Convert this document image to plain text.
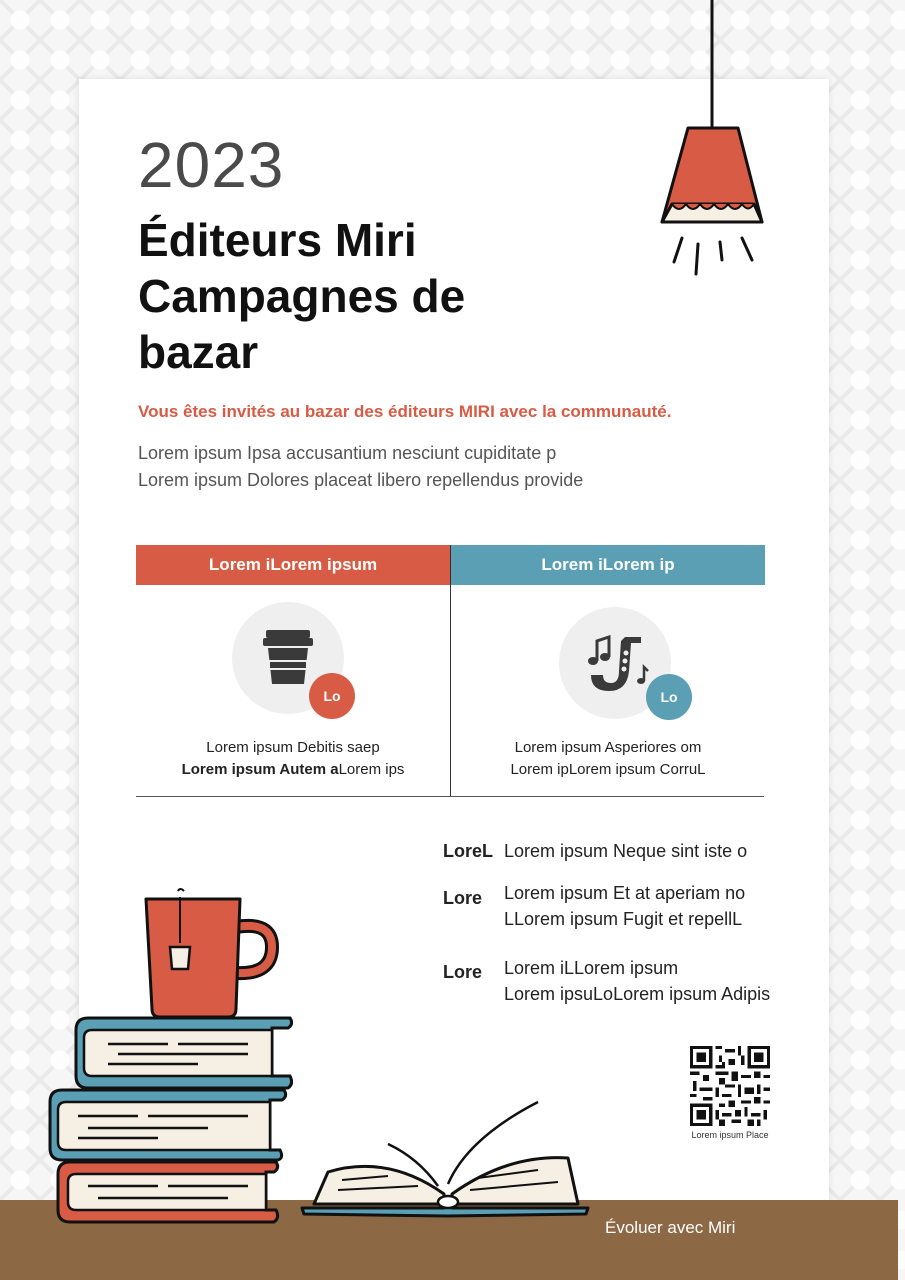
2023
Éditeurs Miri
Campagnes de
bazar

Vous êtes invités au bazar des éditeurs MIRI avec la communauté.

Lorem ipsum Ipsa accusantium nesciunt cupiditate p
Lorem ipsum Dolores placeat libero repellendus provide
Lorem iLorem ipsum
Lo
Lorem ipsum Debitis saep
Lorem ipsum Autem aLorem ips
Lorem iLorem ip
Lo
Lorem ipsum Asperiores om
Lorem ipLorem ipsum CorruL
LoreL Lorem ipsum Neque sint iste o
Lore	Lorem ipsum Et at aperiam no
LLorem ipsum Fugit et repellL
Lore	Lorem iLLorem ipsum
Lorem ipsuLoLorem ipsum Adipis
Lorem ipsum Place
Évoluer avec Miri
